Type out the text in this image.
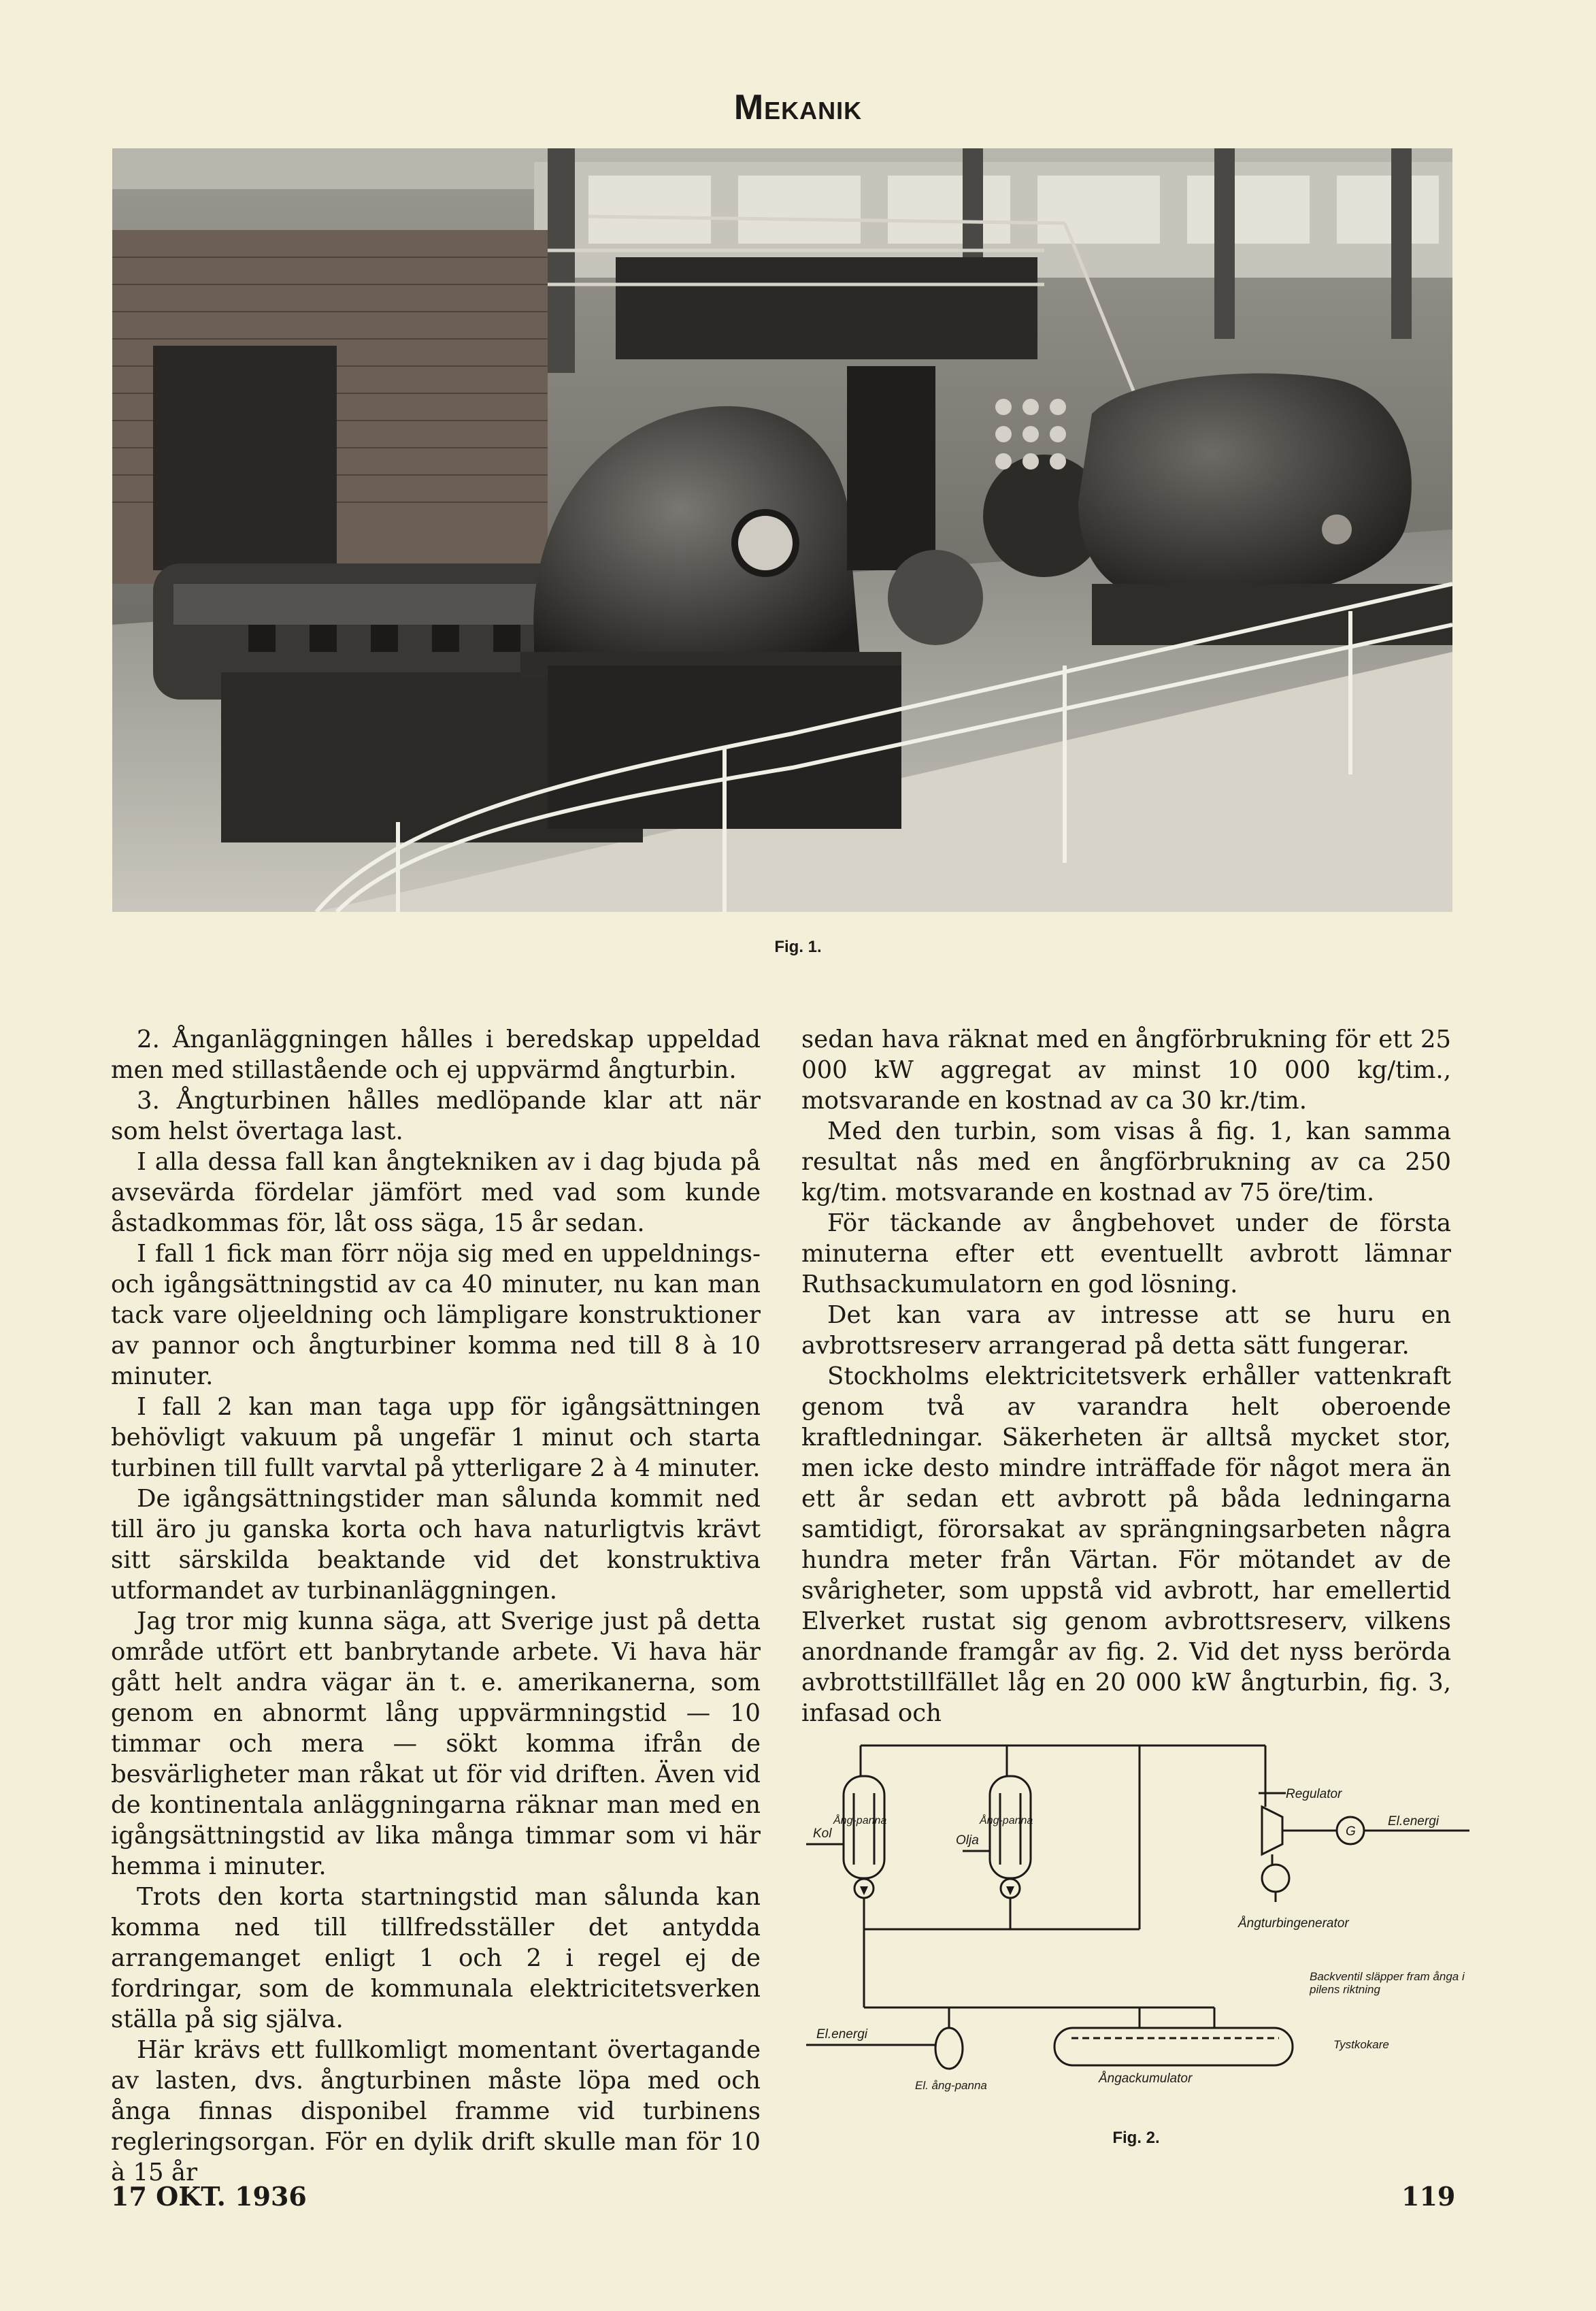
Mekanik
Fig. 1.

2. Ånganläggningen hålles i beredskap uppeldad men med stillastående och ej uppvärmd ångturbin.

3. Ångturbinen hålles medlöpande klar att när som helst övertaga last.

I alla dessa fall kan ångtekniken av i dag bjuda på avsevärda fördelar jämfört med vad som kunde åstadkommas för, låt oss säga, 15 år sedan.

I fall 1 fick man förr nöja sig med en uppeldnings- och igångsättningstid av ca 40 minuter, nu kan man tack vare oljeeldning och lämpligare konstruktioner av pannor och ångturbiner komma ned till 8 à 10 minuter.

I fall 2 kan man taga upp för igångsättningen behövligt vakuum på ungefär 1 minut och starta turbinen till fullt varvtal på ytterligare 2 à 4 minuter.

De igångsättningstider man sålunda kommit ned till äro ju ganska korta och hava naturligtvis krävt sitt särskilda beaktande vid det konstruktiva utformandet av turbinanläggningen.

Jag tror mig kunna säga, att Sverige just på detta område utfört ett banbrytande arbete. Vi hava här gått helt andra vägar än t. e. amerikanerna, som genom en abnormt lång uppvärmningstid — 10 timmar och mera — sökt komma ifrån de besvärligheter man råkat ut för vid driften. Även vid de kontinentala anläggningarna räknar man med en igångsättningstid av lika många timmar som vi här hemma i minuter.

Trots den korta startningstid man sålunda kan komma ned till tillfredsställer det antydda arrangemanget enligt 1 och 2 i regel ej de fordringar, som de kommunala elektricitetsverken ställa på sig själva.

Här krävs ett fullkomligt momentant övertagande av lasten, dvs. ångturbinen måste löpa med och ånga finnas disponibel framme vid turbinens regleringsorgan. För en dylik drift skulle man för 10 à 15 år

sedan hava räknat med en ångförbrukning för ett 25 000 kW aggregat av minst 10 000 kg/tim., motsvarande en kostnad av ca 30 kr./tim.

Med den turbin, som visas å fig. 1, kan samma resultat nås med en ångförbrukning av ca 250 kg/tim. motsvarande en kostnad av 75 öre/tim.

För täckande av ångbehovet under de första minuterna efter ett eventuellt avbrott lämnar Ruthsackumulatorn en god lösning.

Det kan vara av intresse att se huru en avbrottsreserv arrangerad på detta sätt fungerar.

Stockholms elektricitetsverk erhåller vattenkraft genom två av varandra helt oberoende kraftledningar. Säkerheten är alltså mycket stor, men icke desto mindre inträffade för något mera än ett år sedan ett avbrott på båda ledningarna samtidigt, förorsakat av sprängningsarbeten några hundra meter från Värtan. För mötandet av de svårigheter, som uppstå vid avbrott, har emellertid Elverket rustat sig genom avbrottsreserv, vilkens anordnande framgår av fig. 2. Vid det nyss berörda avbrottstillfället låg en 20 000 kW ångturbin, fig. 3, infasad och

Regulator
G
El.energi
Kol	Olja
Ång-panna	Ång-panna
Ångturbingenerator
El.energi
El. ång-panna	Ångackumulator
Backventil släpper fram ånga i pilens riktning
Tystkokare
Fig. 2.
17 OKT. 1936	119
